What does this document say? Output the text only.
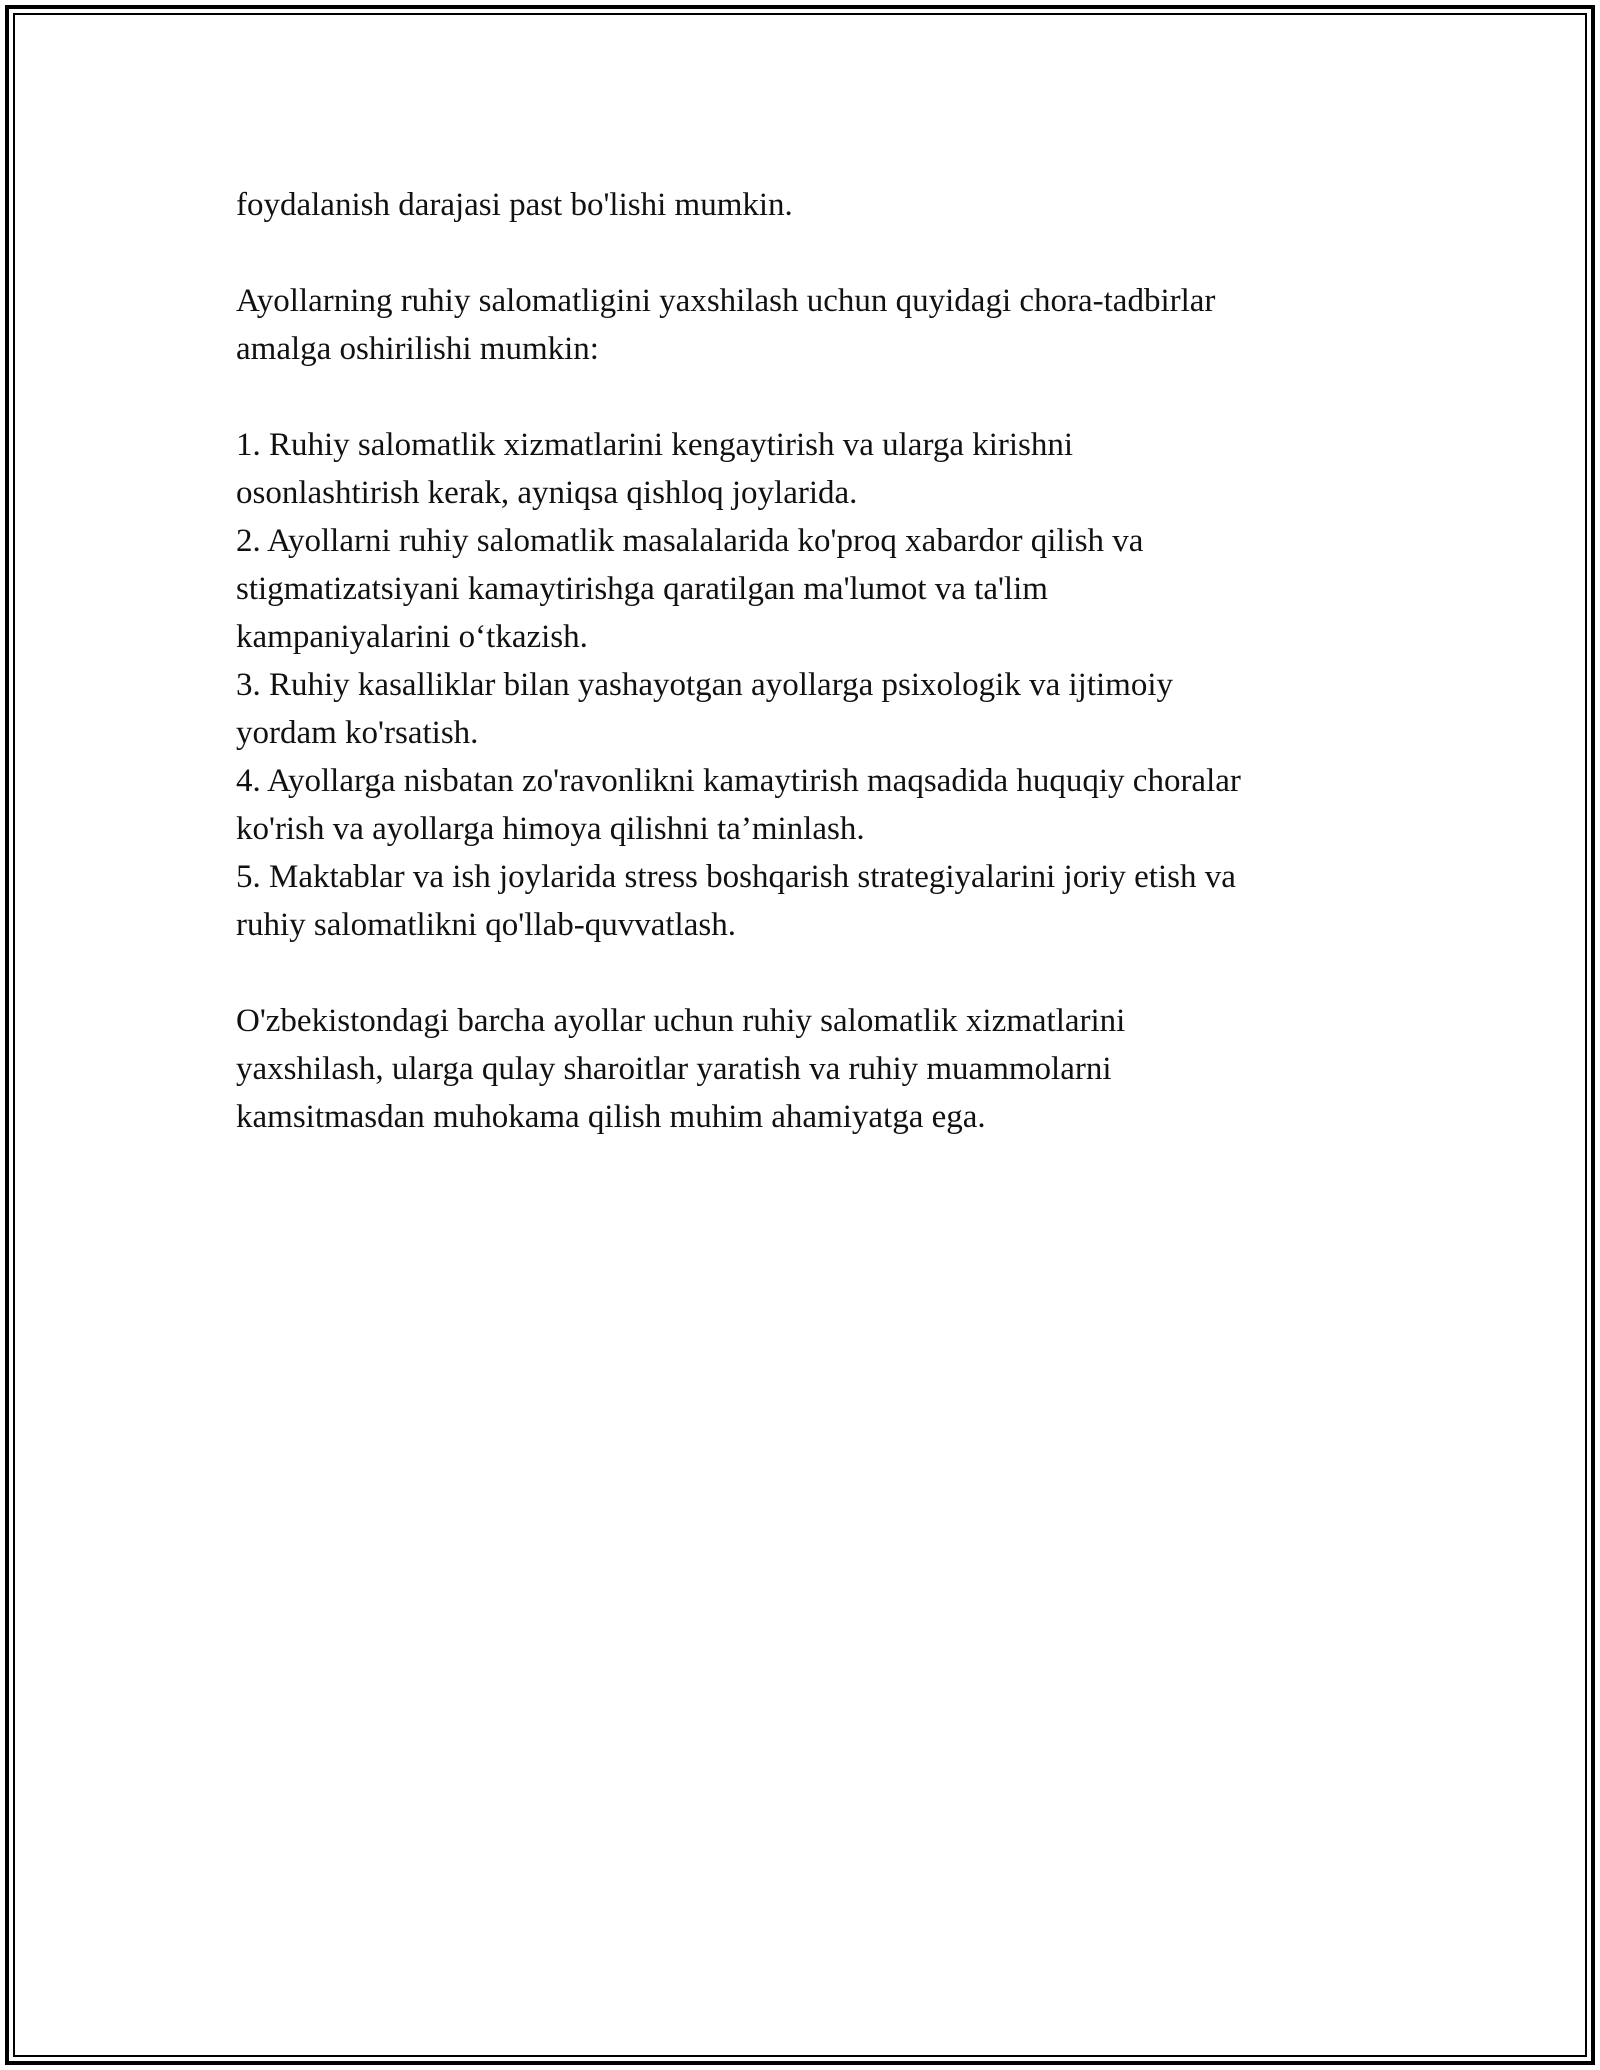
foydalanish darajasi past bo'lishi mumkin.

Ayollarning ruhiy salomatligini yaxshilash uchun quyidagi chora-tadbirlar
amalga oshirilishi mumkin:

1. Ruhiy salomatlik xizmatlarini kengaytirish va ularga kirishni
osonlashtirish kerak, ayniqsa qishloq joylarida.
2. Ayollarni ruhiy salomatlik masalalarida ko'proq xabardor qilish va
stigmatizatsiyani kamaytirishga qaratilgan ma'lumot va ta'lim
kampaniyalarini o‘tkazish.
3. Ruhiy kasalliklar bilan yashayotgan ayollarga psixologik va ijtimoiy
yordam ko'rsatish.
4. Ayollarga nisbatan zo'ravonlikni kamaytirish maqsadida huquqiy choralar
ko'rish va ayollarga himoya qilishni ta’minlash.
5. Maktablar va ish joylarida stress boshqarish strategiyalarini joriy etish va
ruhiy salomatlikni qo'llab-quvvatlash.

O'zbekistondagi barcha ayollar uchun ruhiy salomatlik xizmatlarini
yaxshilash, ularga qulay sharoitlar yaratish va ruhiy muammolarni
kamsitmasdan muhokama qilish muhim ahamiyatga ega.
